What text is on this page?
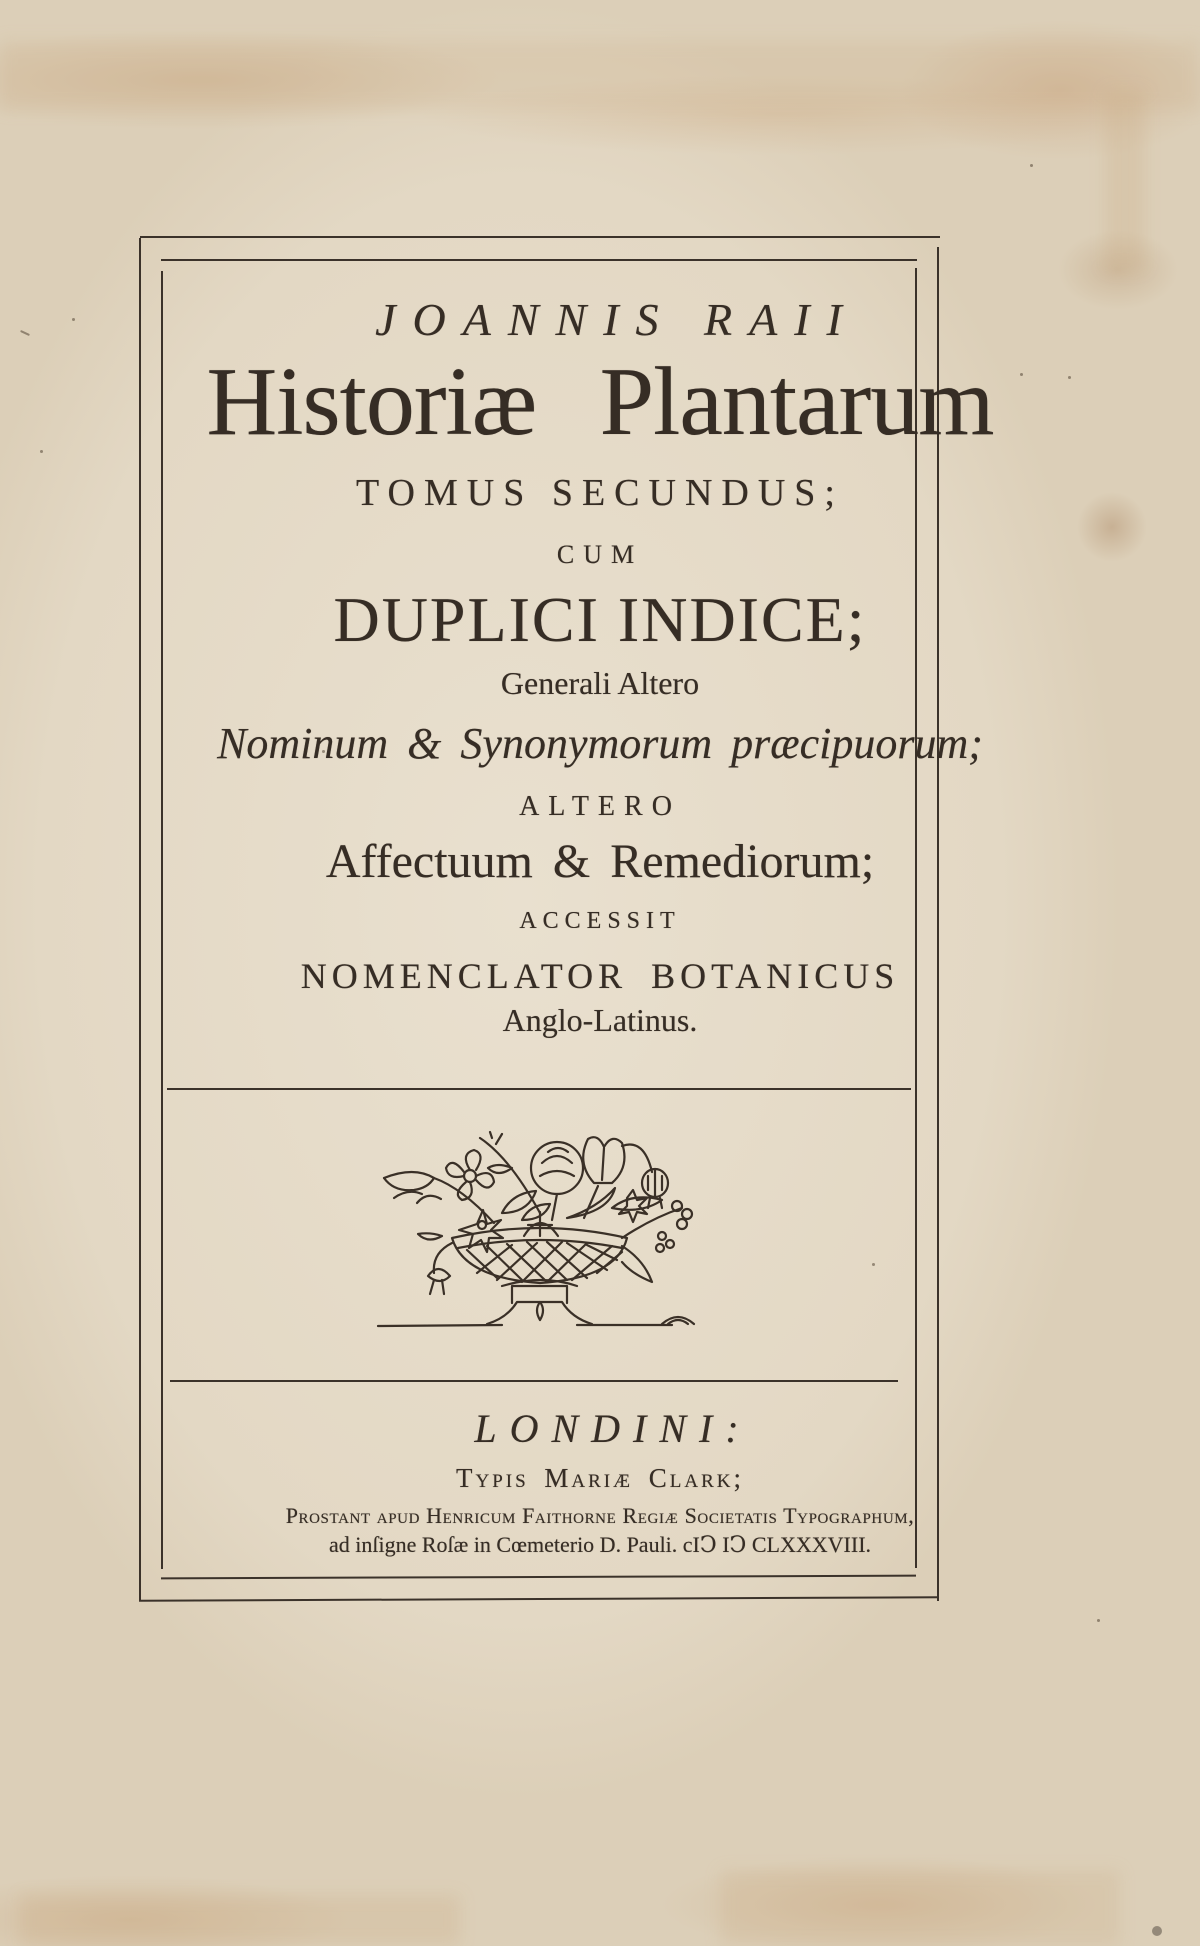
JOANNIS RAII
Historiæ Plantarum
TOMUS SECUNDUS;
CUM
DUPLICI INDICE;
Generali Altero
Nominum & Synonymorum præcipuorum;
ALTERO
Affectuum & Remediorum;
ACCESSIT
NOMENCLATOR BOTANICUS
Anglo-Latinus.
LONDINI:
Typis Mariæ Clark;
Proſtant apud Henricum Faithorne Regiæ Societatis Typographum,
ad inſigne Roſæ in Cœmeterio D. Pauli. cIↃ IↃ CLXXXVIII.
